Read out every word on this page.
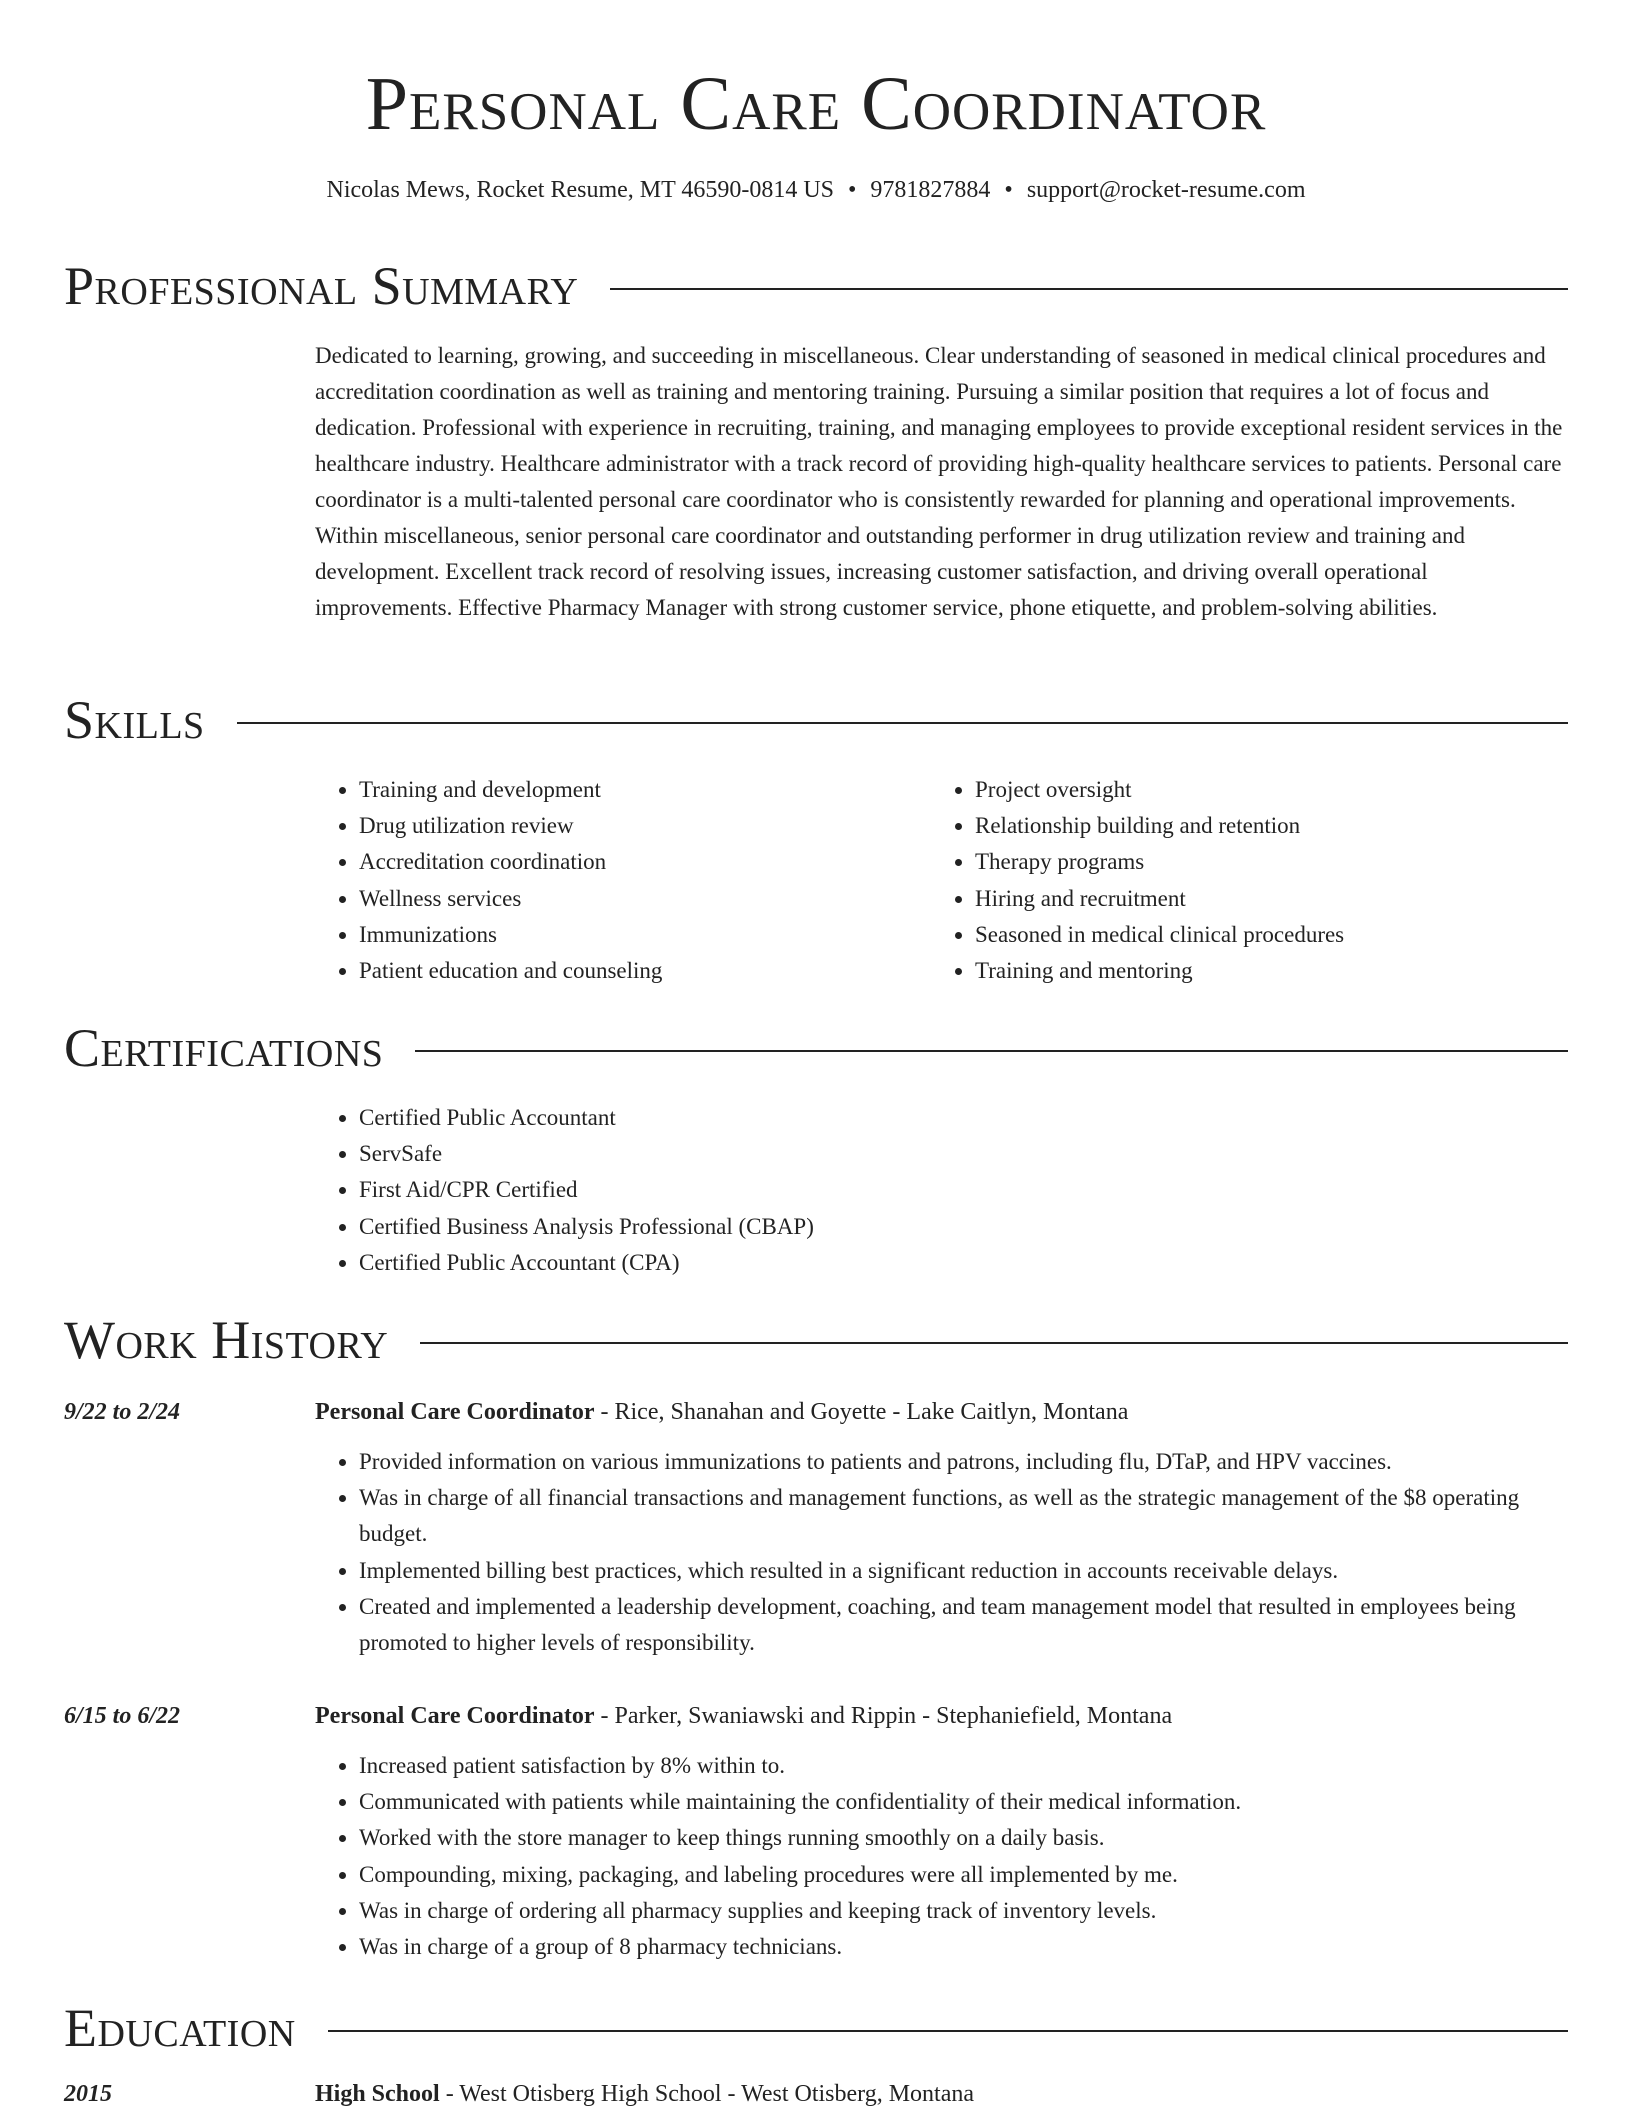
Personal Care Coordinator
Nicolas Mews, Rocket Resume, MT 46590-0814 US • 9781827884 • support@rocket-resume.com
Professional Summary

Dedicated to learning, growing, and succeeding in miscellaneous. Clear understanding of seasoned in medical clinical procedures and accreditation coordination as well as training and mentoring training. Pursuing a similar position that requires a lot of focus and dedication. Professional with experience in recruiting, training, and managing employees to provide exceptional resident services in the healthcare industry. Healthcare administrator with a track record of providing high-quality healthcare services to patients. Personal care coordinator is a multi-talented personal care coordinator who is consistently rewarded for planning and operational improvements. Within miscellaneous, senior personal care coordinator and outstanding performer in drug utilization review and training and development. Excellent track record of resolving issues, increasing customer satisfaction, and driving overall operational improvements. Effective Pharmacy Manager with strong customer service, phone etiquette, and problem-solving abilities.

Skills
• Training and development
• Drug utilization review
• Accreditation coordination
• Wellness services
• Immunizations
• Patient education and counseling
• Project oversight
• Relationship building and retention
• Therapy programs
• Hiring and recruitment
• Seasoned in medical clinical procedures
• Training and mentoring
Certifications
• Certified Public Accountant
• ServSafe
• First Aid/CPR Certified
• Certified Business Analysis Professional (CBAP)
• Certified Public Accountant (CPA)
Work History
9/22 to 2/24	Personal Care Coordinator - Rice, Shanahan and Goyette - Lake Caitlyn, Montana
• Provided information on various immunizations to patients and patrons, including flu, DTaP, and HPV vaccines.
• Was in charge of all financial transactions and management functions, as well as the strategic management of the $8 operating budget.
• Implemented billing best practices, which resulted in a significant reduction in accounts receivable delays.
• Created and implemented a leadership development, coaching, and team management model that resulted in employees being promoted to higher levels of responsibility.
6/15 to 6/22	Personal Care Coordinator - Parker, Swaniawski and Rippin - Stephaniefield, Montana
• Increased patient satisfaction by 8% within to.
• Communicated with patients while maintaining the confidentiality of their medical information.
• Worked with the store manager to keep things running smoothly on a daily basis.
• Compounding, mixing, packaging, and labeling procedures were all implemented by me.
• Was in charge of ordering all pharmacy supplies and keeping track of inventory levels.
• Was in charge of a group of 8 pharmacy technicians.
Education
2015	High School - West Otisberg High School - West Otisberg, Montana
